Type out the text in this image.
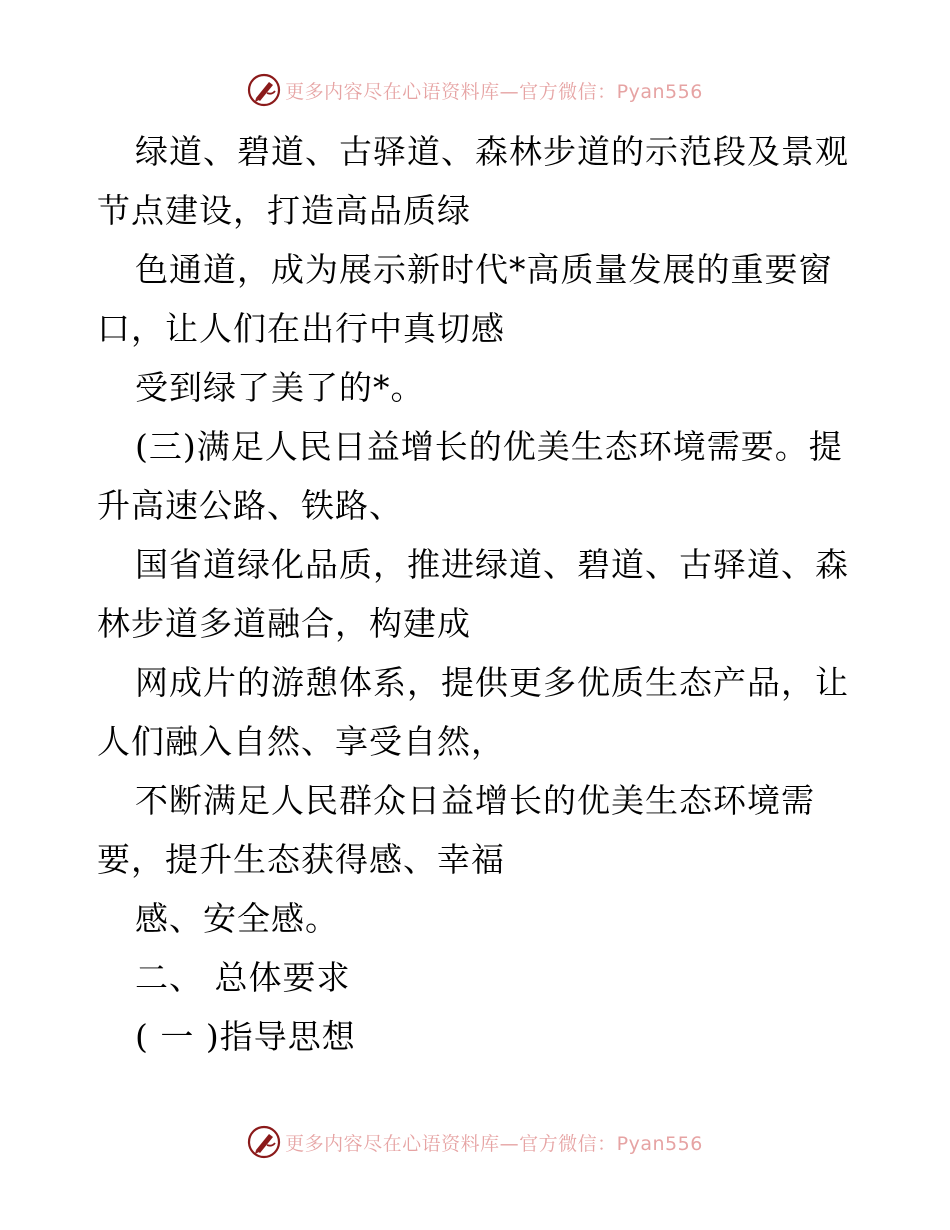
更多内容尽在心语资料库—官方微信：Pyan556
绿道、碧道、古驿道、森林步道的示范段及景观
节点建设，打造高品质绿
色通道，成为展示新时代*高质量发展的重要窗
口，让人们在出行中真切感
受到绿了美了的*。
(三)满足人民日益增长的优美生态环境需要。提
升高速公路、铁路、
国省道绿化品质，推进绿道、碧道、古驿道、森
林步道多道融合，构建成
网成片的游憩体系，提供更多优质生态产品，让
人们融入自然、享受自然，
不断满足人民群众日益增长的优美生态环境需
要，提升生态获得感、幸福
感、安全感。
二、 总体要求
( 一 )指导思想
更多内容尽在心语资料库—官方微信：Pyan556
